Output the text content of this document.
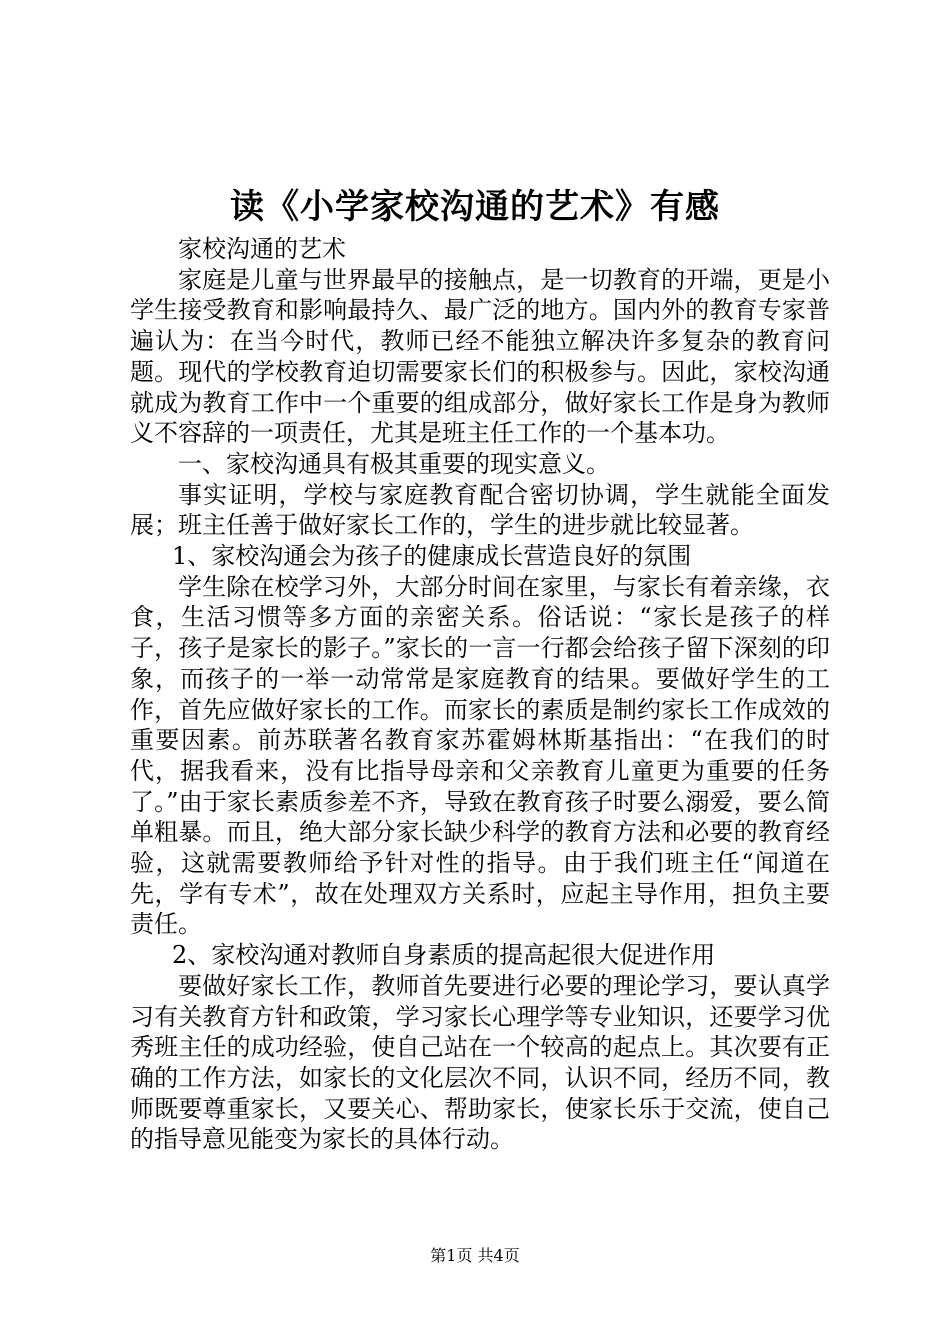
读《小学家校沟通的艺术》有感

家校沟通的艺术

家庭是儿童与世界最早的接触点，是一切教育的开端，更是小学生接受教育和影响最持久、最广泛的地方。国内外的教育专家普遍认为：在当今时代，教师已经不能独立解决许多复杂的教育问题。现代的学校教育迫切需要家长们的积极参与。因此，家校沟通就成为教育工作中一个重要的组成部分，做好家长工作是身为教师义不容辞的一项责任，尤其是班主任工作的一个基本功。

一、家校沟通具有极其重要的现实意义。

事实证明，学校与家庭教育配合密切协调，学生就能全面发展；班主任善于做好家长工作的，学生的进步就比较显著。

1、家校沟通会为孩子的健康成长营造良好的氛围

学生除在校学习外，大部分时间在家里，与家长有着亲缘，衣食，生活习惯等多方面的亲密关系。俗话说：“家长是孩子的样子，孩子是家长的影子。”家长的一言一行都会给孩子留下深刻的印象，而孩子的一举一动常常是家庭教育的结果。要做好学生的工作，首先应做好家长的工作。而家长的素质是制约家长工作成效的重要因素。前苏联著名教育家苏霍姆林斯基指出：“在我们的时代，据我看来，没有比指导母亲和父亲教育儿童更为重要的任务了。”由于家长素质参差不齐，导致在教育孩子时要么溺爱，要么简单粗暴。而且，绝大部分家长缺少科学的教育方法和必要的教育经验，这就需要教师给予针对性的指导。由于我们班主任“闻道在先，学有专术”，故在处理双方关系时，应起主导作用，担负主要责任。

2、家校沟通对教师自身素质的提高起很大促进作用

要做好家长工作，教师首先要进行必要的理论学习，要认真学习有关教育方针和政策，学习家长心理学等专业知识，还要学习优秀班主任的成功经验，使自己站在一个较高的起点上。其次要有正确的工作方法，如家长的文化层次不同，认识不同，经历不同，教师既要尊重家长，又要关心、帮助家长，使家长乐于交流，使自己的指导意见能变为家长的具体行动。

第1页 共4页
